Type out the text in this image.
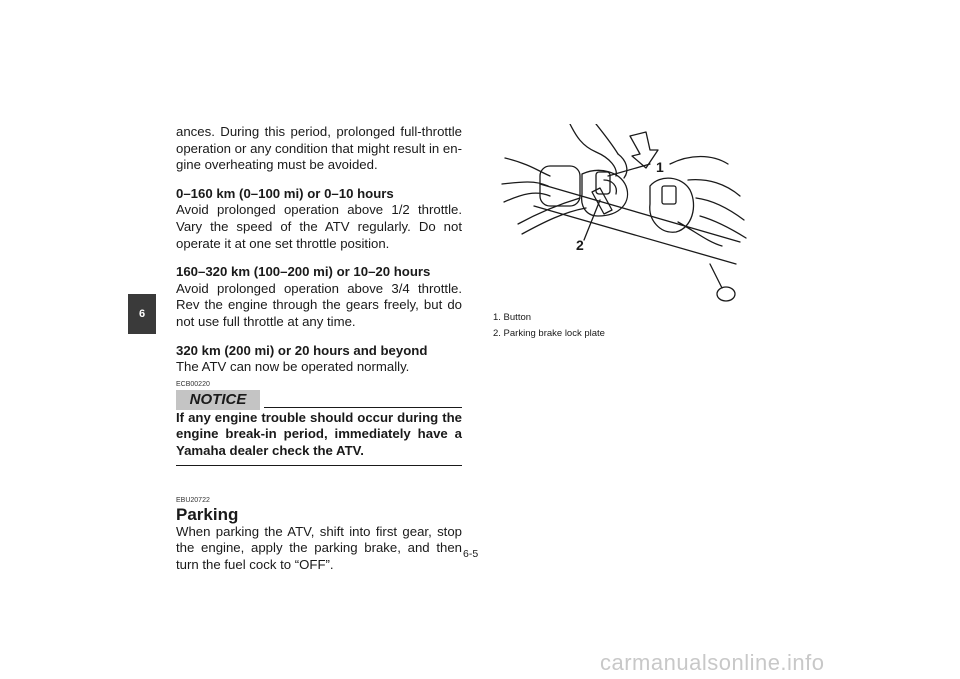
6

ances. During this period, prolonged full-throttle operation or any condition that might result in en-gine overheating must be avoided.

0–160 km (0–100 mi) or 0–10 hours

Avoid prolonged operation above 1/2 throttle. Vary the speed of the ATV regularly. Do not operate it at one set throttle position.

160–320 km (100–200 mi) or 10–20 hours

Avoid prolonged operation above 3/4 throttle. Rev the engine through the gears freely, but do not use full throttle at any time.

320 km (200 mi) or 20 hours and beyond

The ATV can now be operated normally.

ECB00220
NOTICE

If any engine trouble should occur during the engine break-in period, immediately have a Yamaha dealer check the ATV.

EBU20722

Parking

When parking the ATV, shift into first gear, stop the engine, apply the parking brake, and then turn the fuel cock to “OFF”.

1
2
1. Button
2. Parking brake lock plate
6-5
carmanualsonline.info
